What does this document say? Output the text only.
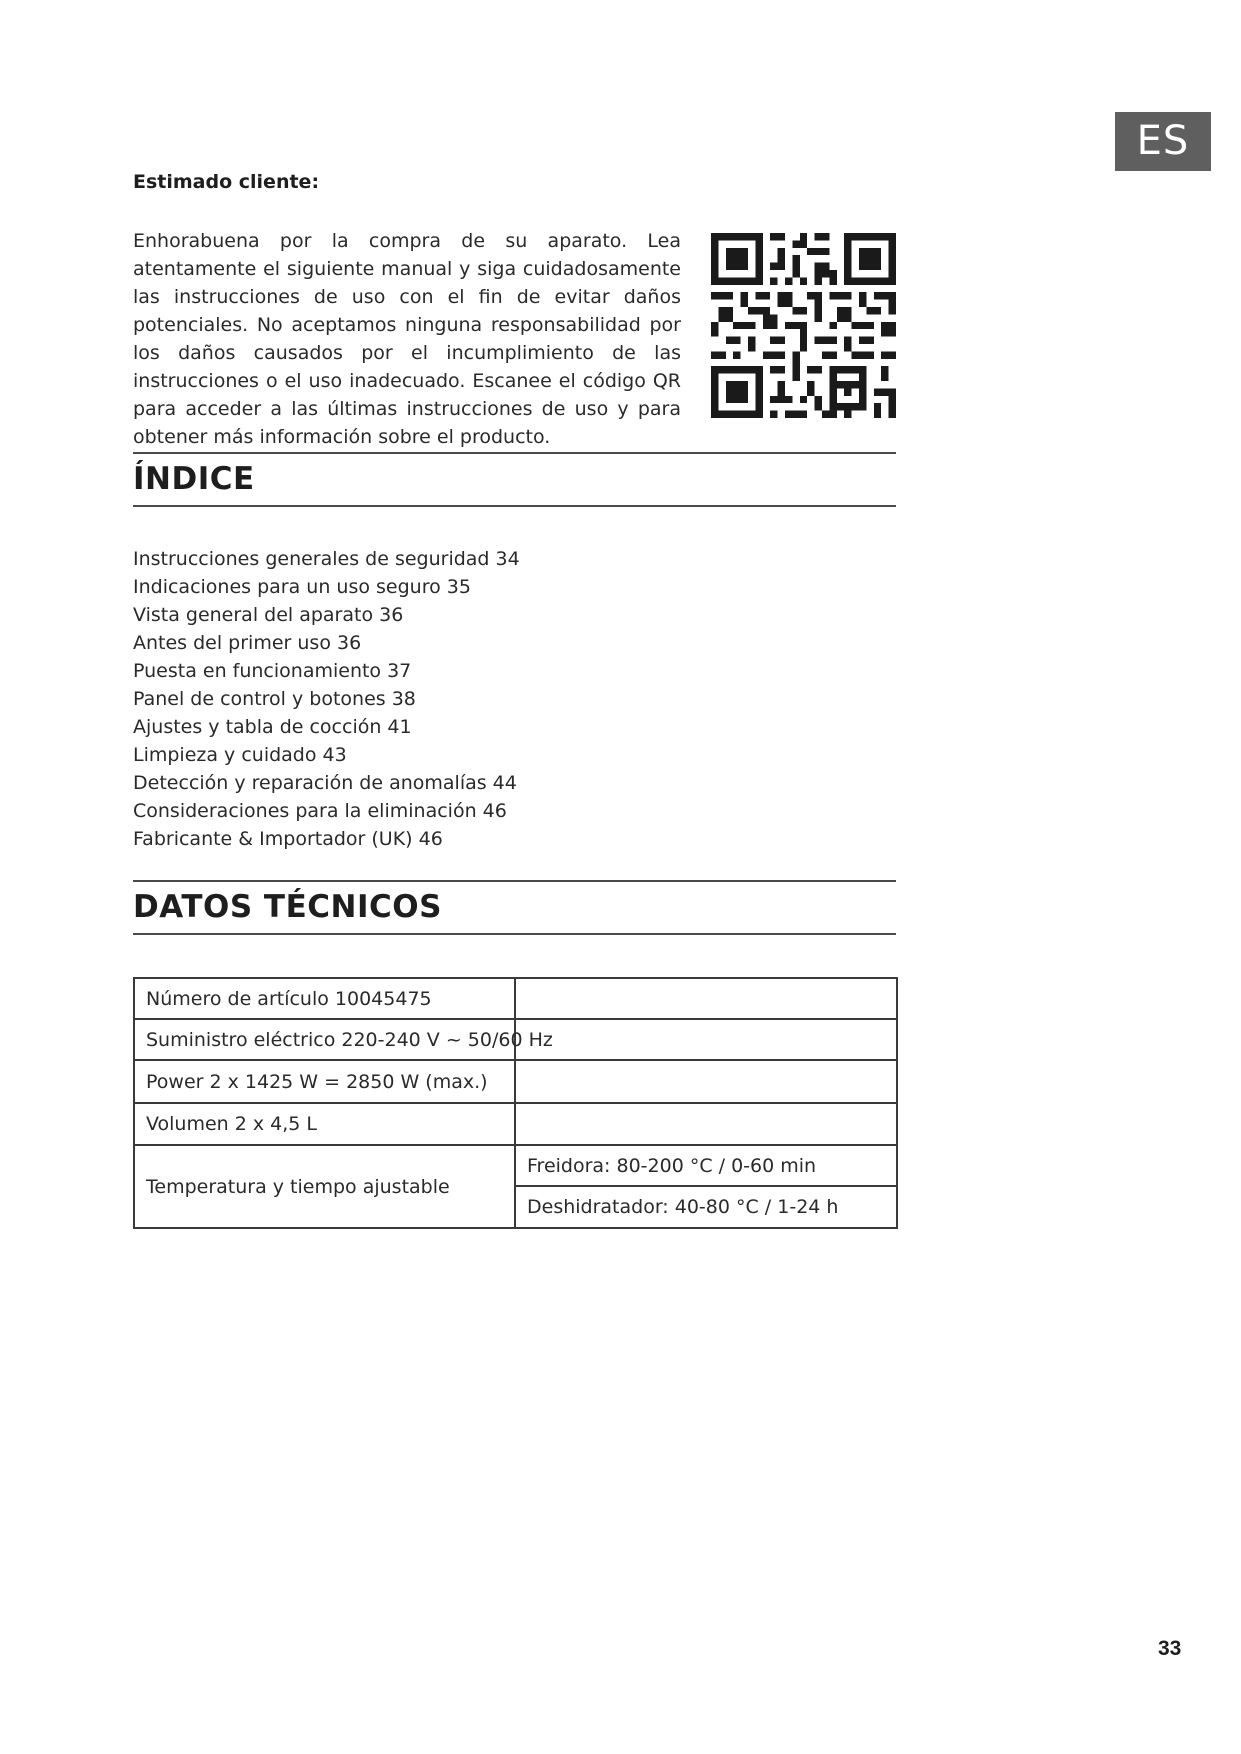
ES
Estimado cliente:

Enhorabuena por la compra de su aparato. Lea atentamente el siguiente manual y siga cuidadosamente las instrucciones de uso con el fin de evitar daños potenciales. No aceptamos ninguna responsabilidad por los daños causados por el incumplimiento de las instrucciones o el uso inadecuado. Escanee el código QR para acceder a las últimas instrucciones de uso y para obtener más información sobre el producto.

ÍNDICE
Instrucciones generales de seguridad 34
Indicaciones para un uso seguro 35
Vista general del aparato 36
Antes del primer uso 36
Puesta en funcionamiento 37
Panel de control y botones 38
Ajustes y tabla de cocción 41
Limpieza y cuidado 43
Detección y reparación de anomalías 44
Consideraciones para la eliminación 46
Fabricante & Importador (UK) 46
DATOS TÉCNICOS
Número de artículo 10045475	
Suministro eléctrico 220-240 V ~ 50/60 Hz	
Power 2 x 1425 W = 2850 W (max.)	
Volumen 2 x 4,5 L	
Temperatura y tiempo ajustable	Freidora: 80-200 °C / 0-60 min
	Deshidratador: 40-80 °C / 1-24 h
33
